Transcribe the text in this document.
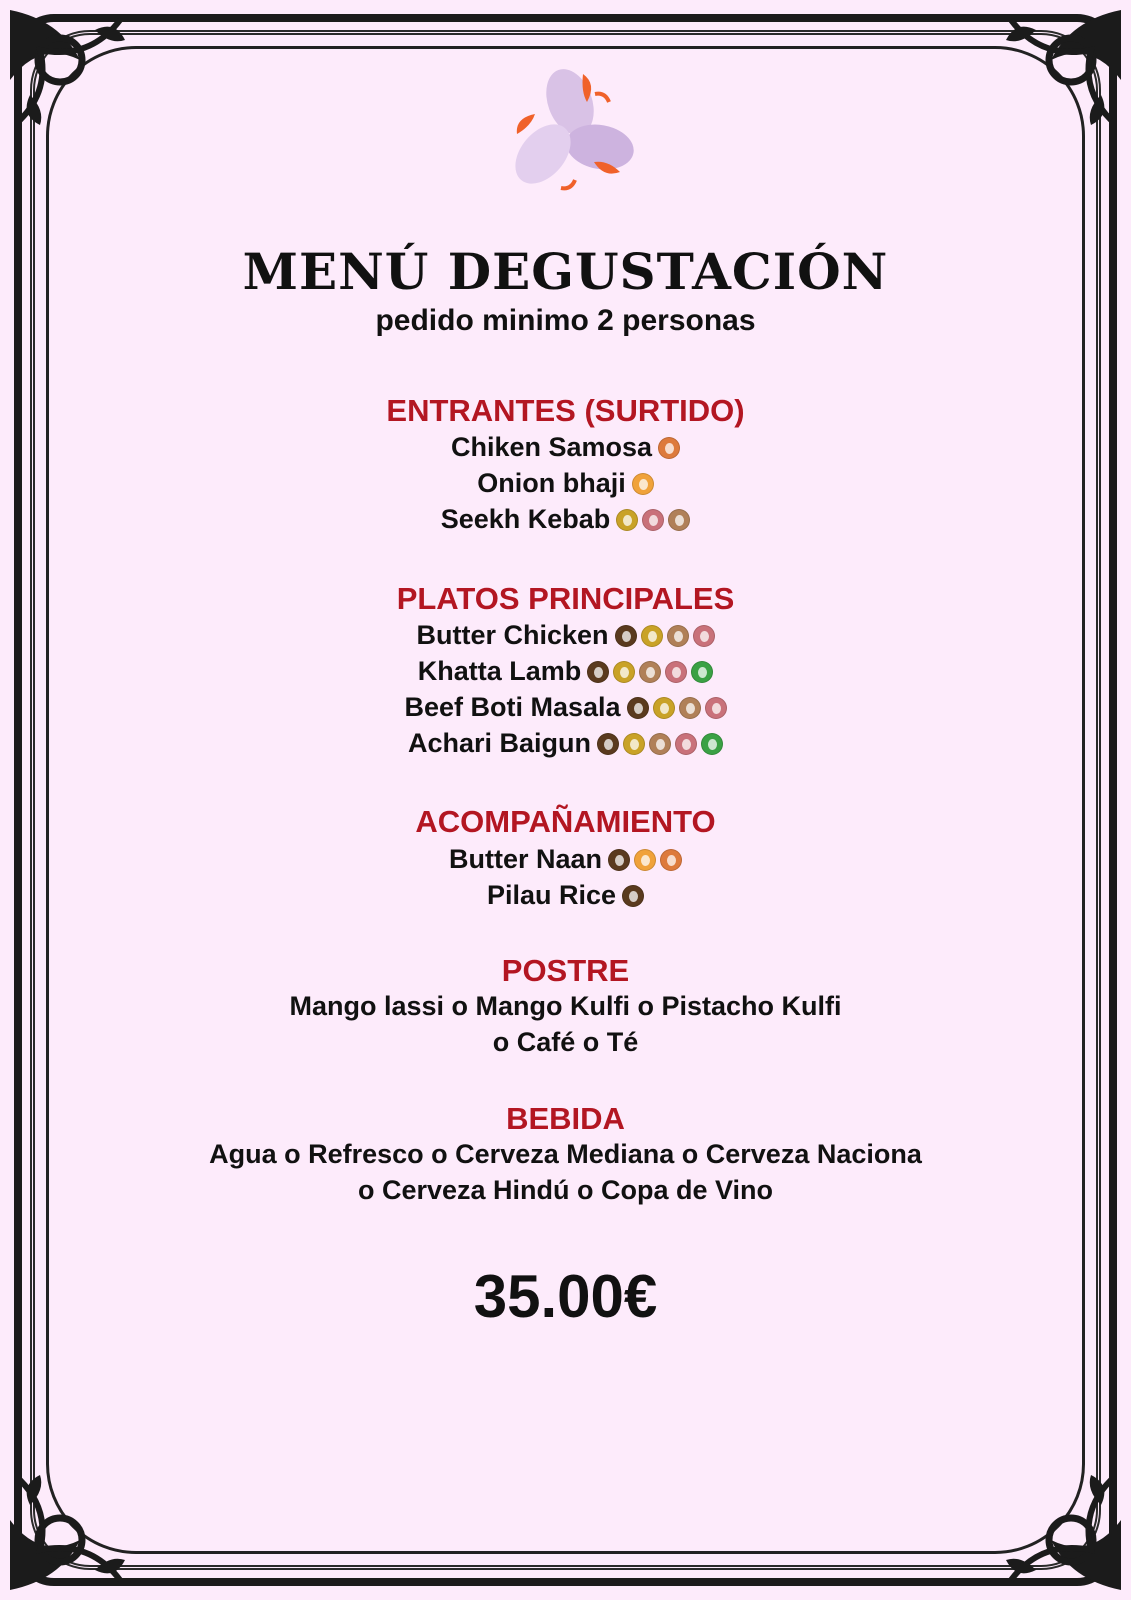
MENÚ DEGUSTACIÓN
pedido minimo 2 personas
ENTRANTES (SURTIDO)
Chiken Samosa
Onion bhaji
Seekh Kebab
PLATOS PRINCIPALES
Butter Chicken
Khatta Lamb
Beef Boti Masala
Achari Baigun
ACOMPAÑAMIENTO
Butter Naan
Pilau Rice
POSTRE
Mango lassi o Mango Kulfi o Pistacho Kulfi
o Café o Té
BEBIDA
Agua o Refresco o Cerveza Mediana o Cerveza Naciona
o Cerveza Hindú o Copa de Vino
35.00€
